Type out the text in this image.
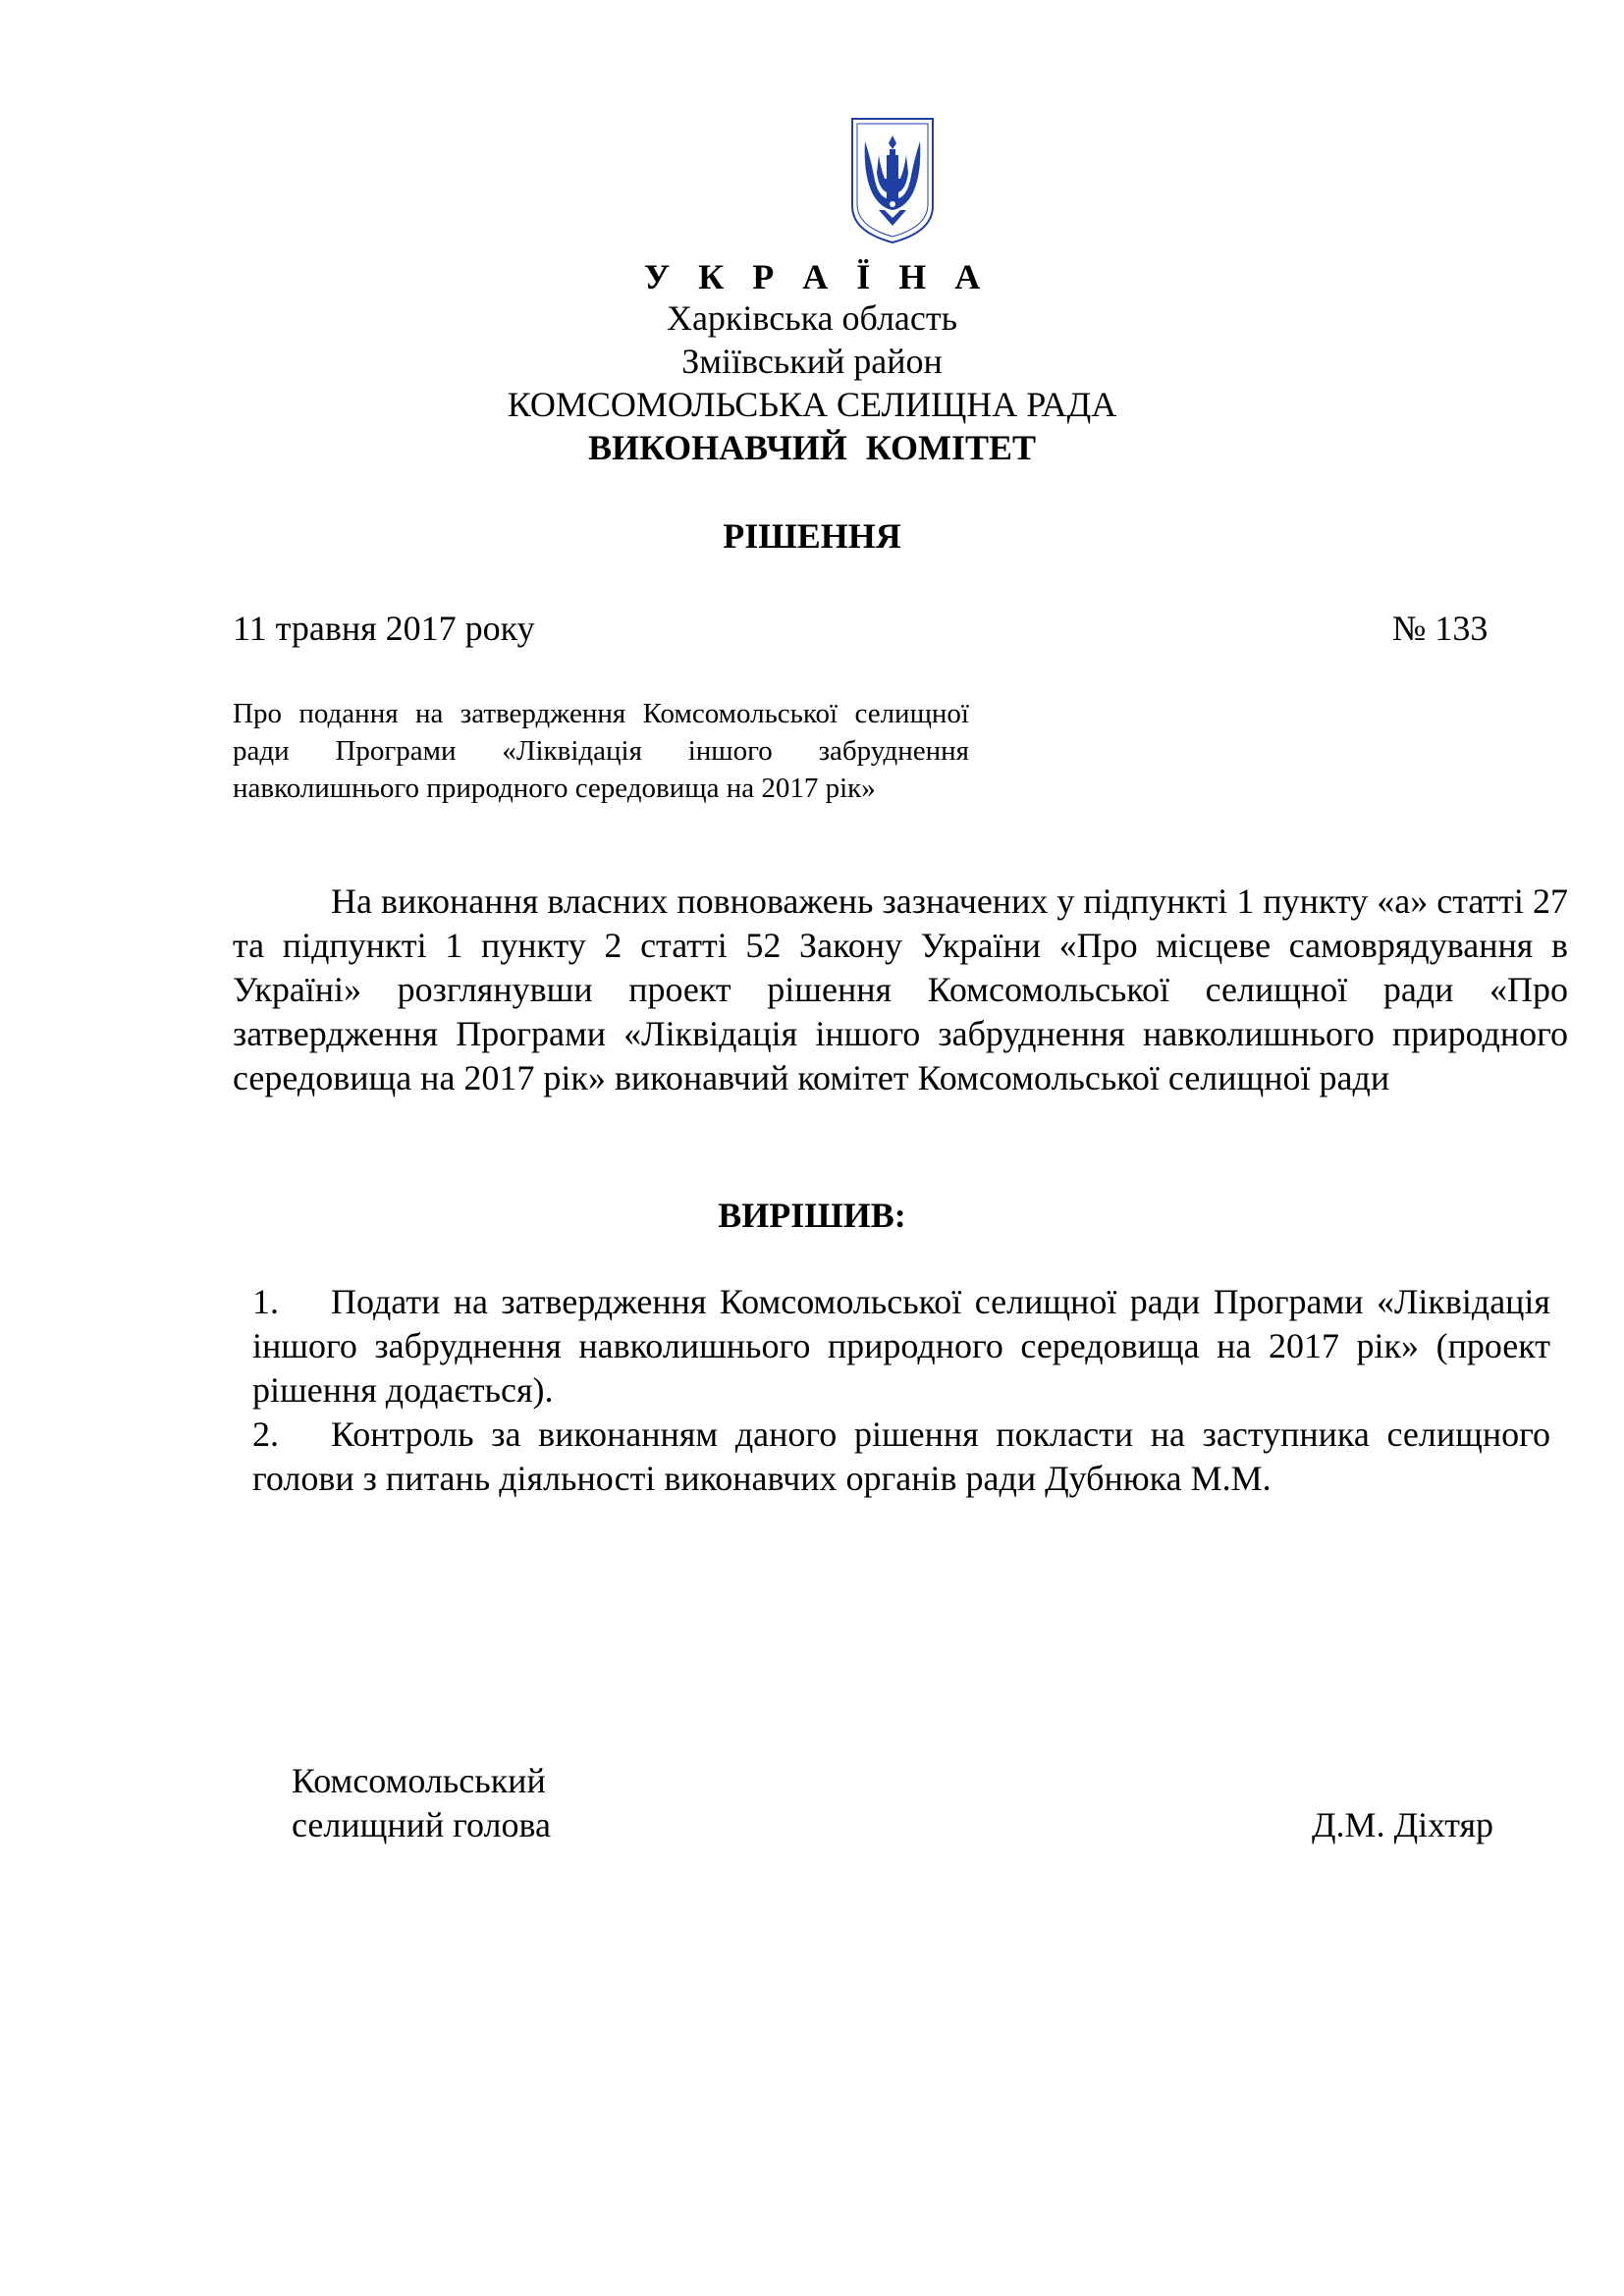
У К Р А Ї Н А
Харківська область
Зміївський район
КОМСОМОЛЬСЬКА СЕЛИЩНА РАДА
ВИКОНАВЧИЙ КОМІТЕТ
РІШЕННЯ
11 травня 2017 року	№ 133
Про подання на затвердження Комсомольської селищної ради Програми «Ліквідація іншого забруднення навколишнього природного середовища на 2017 рік»
На виконання власних повноважень зазначених у підпункті 1 пункту «а» статті 27 та підпункті 1 пункту 2 статті 52 Закону України «Про місцеве самоврядування в Україні» розглянувши проект рішення Комсомольської селищної ради «Про затвердження Програми «Ліквідація іншого забруднення навколишнього природного середовища на 2017 рік» виконавчий комітет Комсомольської селищної ради
ВИРІШИВ:
1. Подати на затвердження Комсомольської селищної ради Програми «Ліквідація іншого забруднення навколишнього природного середовища на 2017 рік» (проект рішення додається).
2. Контроль за виконанням даного рішення покласти на заступника селищного голови з питань діяльності виконавчих органів ради Дубнюка М.М.
Комсомольський
селищний голова	Д.М. Діхтяр
